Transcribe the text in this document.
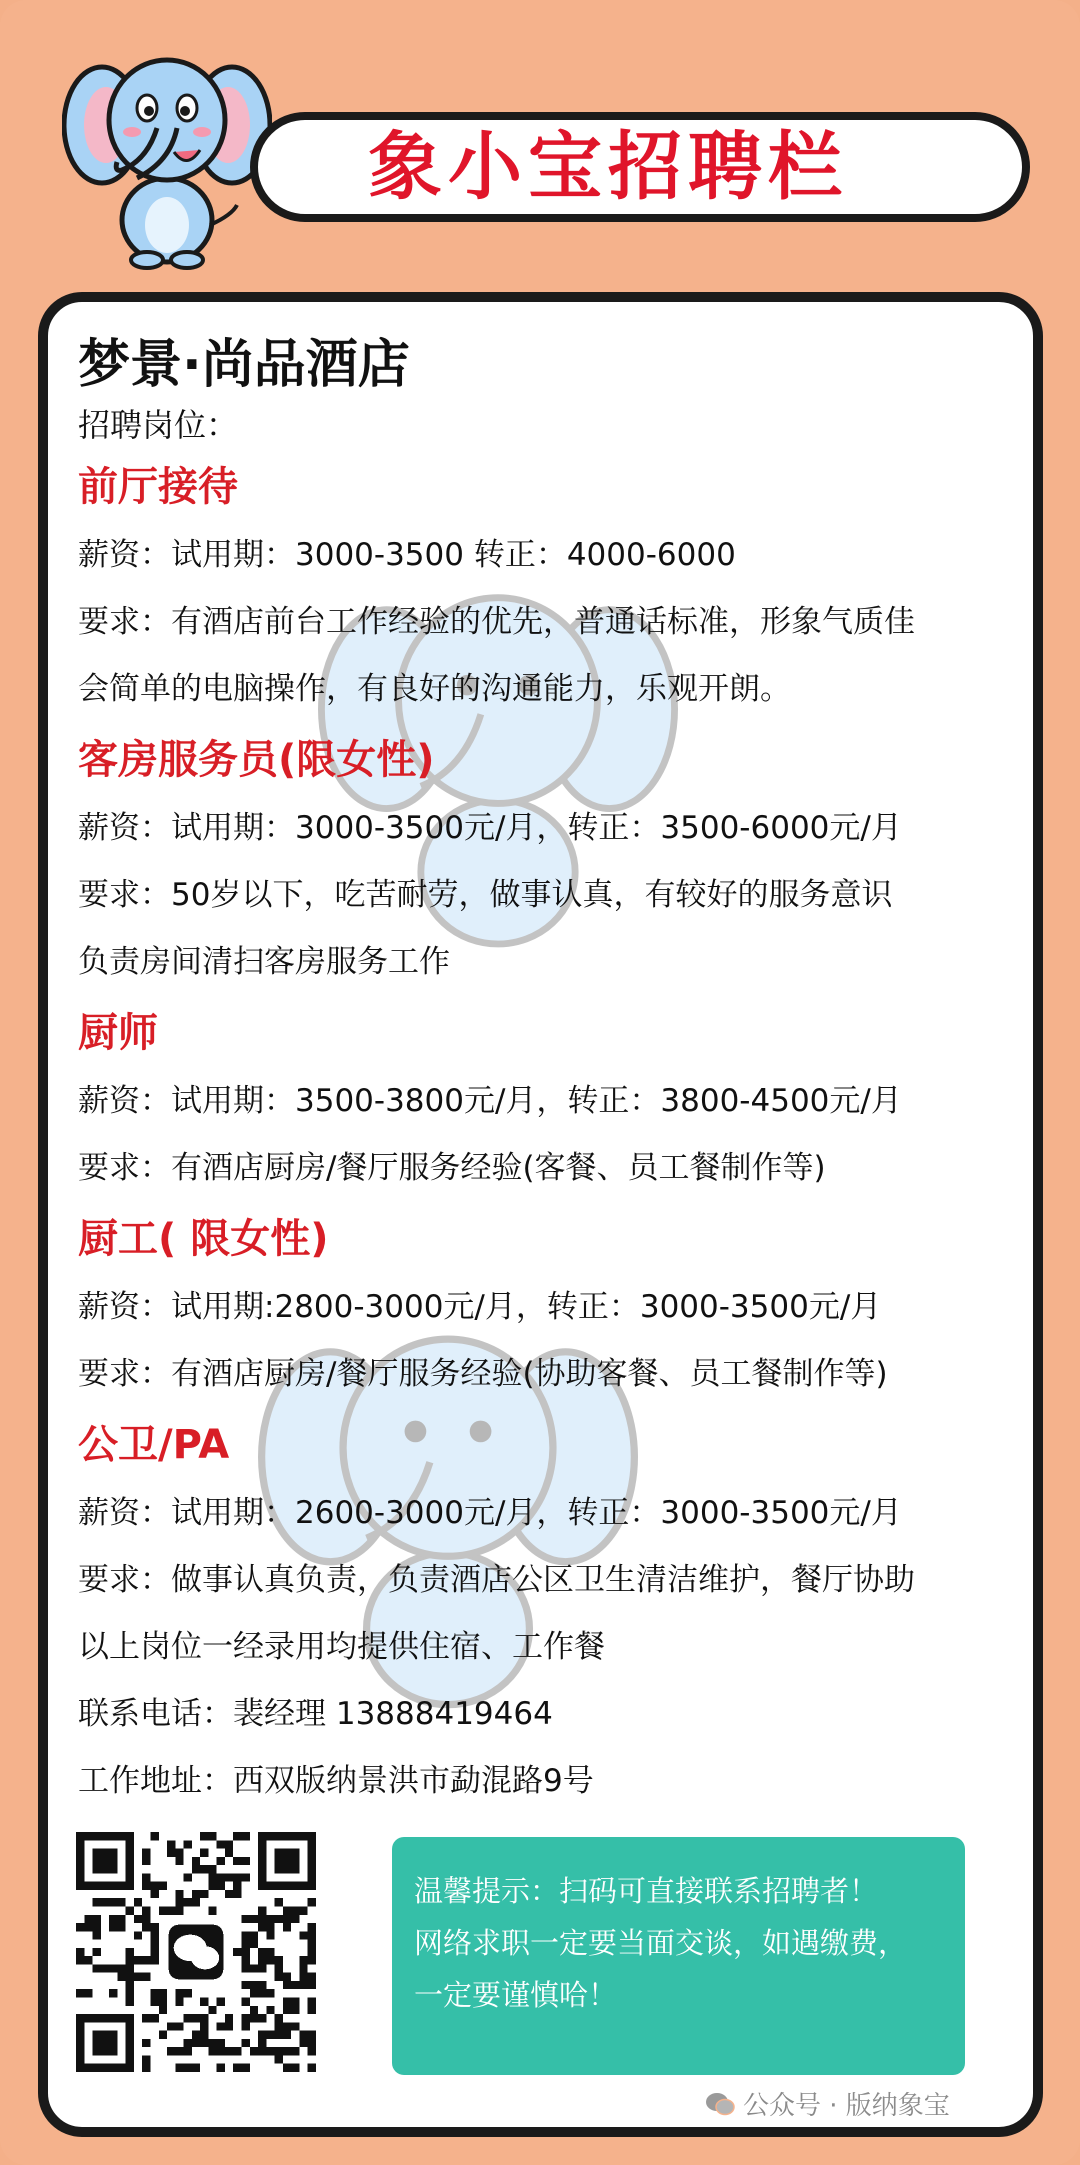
象小宝招聘栏
梦景·尚品酒店
招聘岗位：
前厅接待
薪资：试用期：3000-3500 转正：4000-6000
要求：有酒店前台工作经验的优先，普通话标准，形象气质佳
会简单的电脑操作，有良好的沟通能力，乐观开朗。
客房服务员(限女性)
薪资：试用期：3000-3500元/月，转正：3500-6000元/月
要求：50岁以下，吃苦耐劳，做事认真，有较好的服务意识
负责房间清扫客房服务工作
厨师
薪资：试用期：3500-3800元/月，转正：3800-4500元/月
要求：有酒店厨房/餐厅服务经验(客餐、员工餐制作等)
厨工( 限女性)
薪资：试用期:2800-3000元/月，转正：3000-3500元/月
要求：有酒店厨房/餐厅服务经验(协助客餐、员工餐制作等)
公卫/PA
薪资：试用期：2600-3000元/月，转正：3000-3500元/月
要求：做事认真负责，负责酒店公区卫生清洁维护，餐厅协助
以上岗位一经录用均提供住宿、工作餐
联系电话：裴经理 13888419464
工作地址：西双版纳景洪市勐混路9号
温馨提示：扫码可直接联系招聘者！
网络求职一定要当面交谈，如遇缴费，
一定要谨慎哈！
公众号 · 版纳象宝
